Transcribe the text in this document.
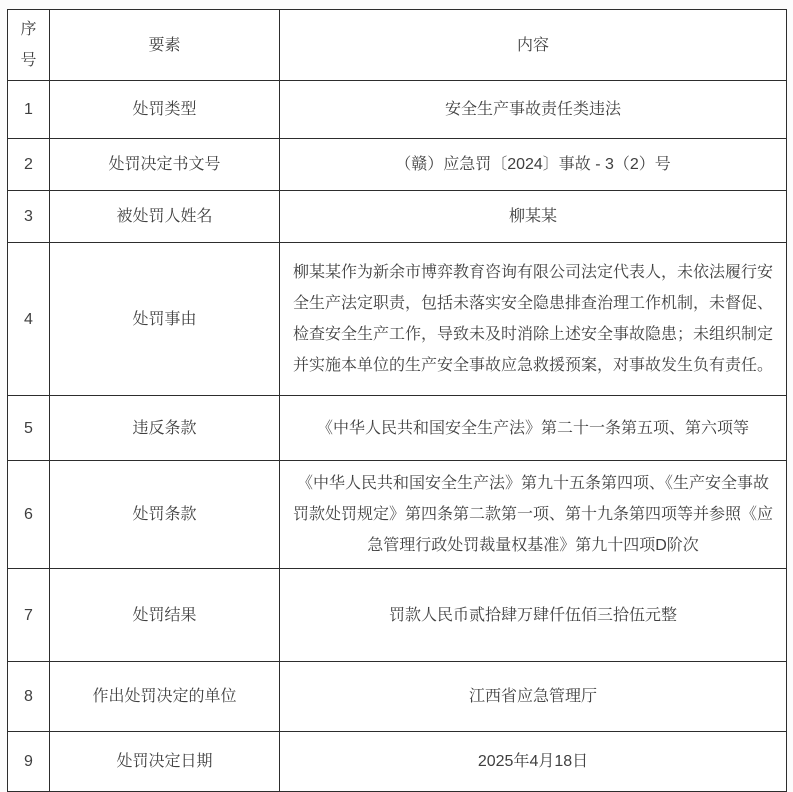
序号	要素	内容
1	处罚类型	安全生产事故责任类违法
2	处罚决定书文号	（赣）应急罚〔2024〕事故 - 3（2）号
3	被处罚人姓名	柳某某
4	处罚事由	柳某某作为新余市博弈教育咨询有限公司法定代表人，未依法履行安全生产法定职责，包括未落实安全隐患排查治理工作机制，未督促、检查安全生产工作，导致未及时消除上述安全事故隐患；未组织制定并实施本单位的生产安全事故应急救援预案，对事故发生负有责任。
5	违反条款	《中华人民共和国安全生产法》第二十一条第五项、第六项等
6	处罚条款	《中华人民共和国安全生产法》第九十五条第四项、《生产安全事故罚款处罚规定》第四条第二款第一项、第十九条第四项等并参照《应急管理行政处罚裁量权基准》第九十四项D阶次
7	处罚结果	罚款人民币贰拾肆万肆仟伍佰三拾伍元整
8	作出处罚决定的单位	江西省应急管理厅
9	处罚决定日期	2025年4月18日
